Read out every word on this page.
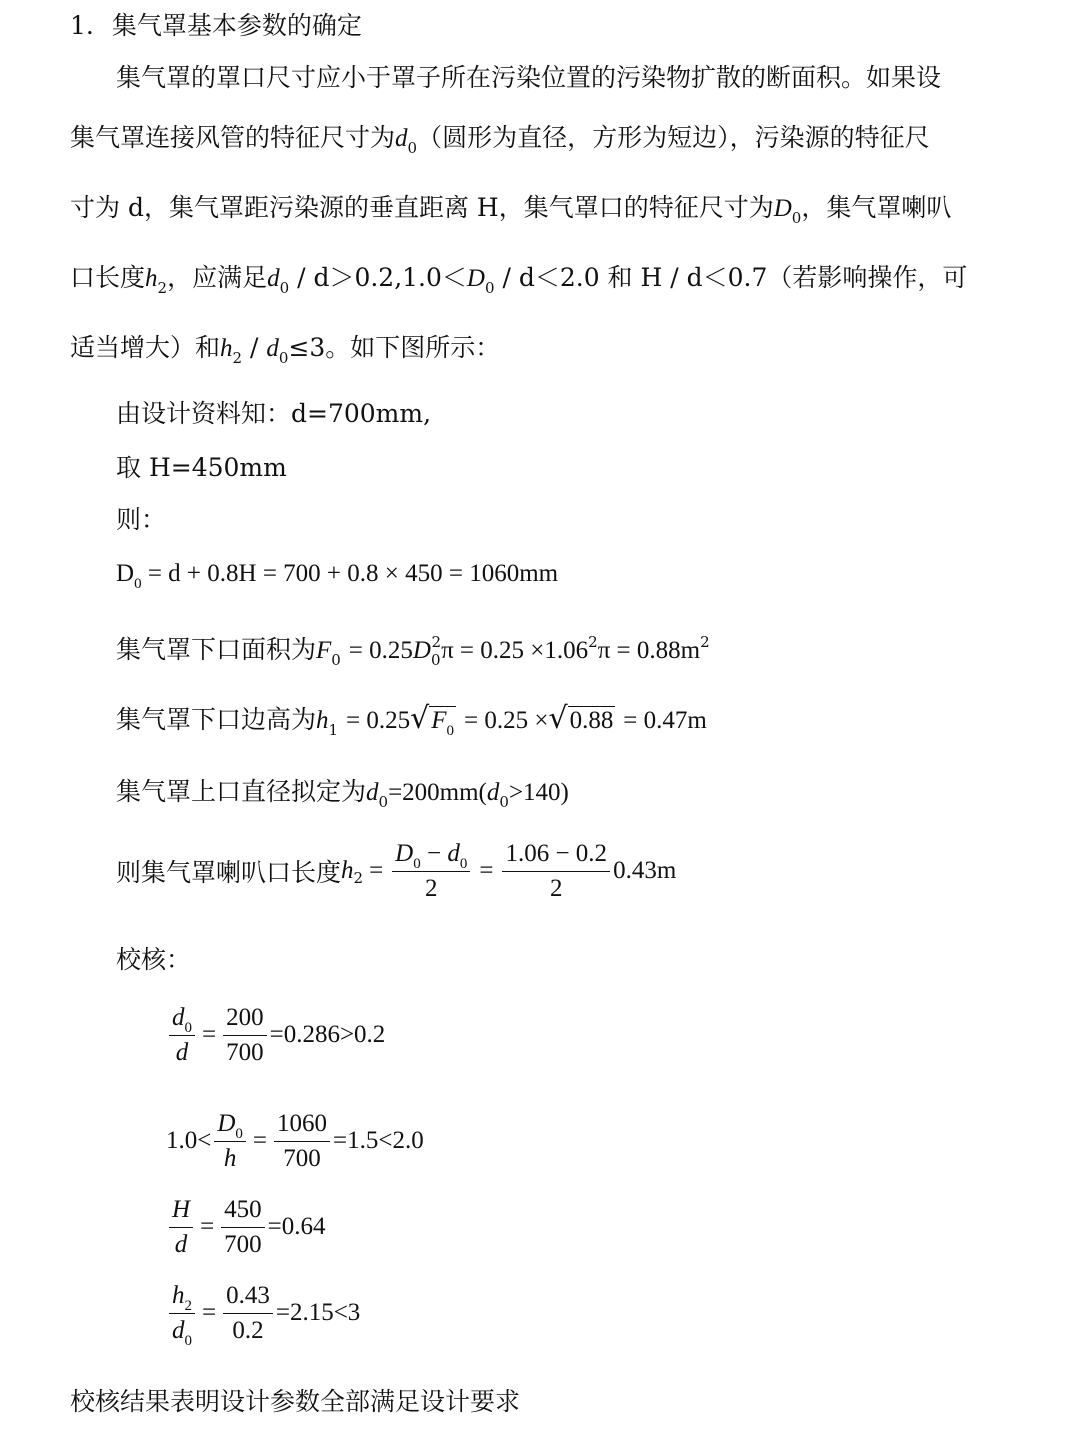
1. 集气罩基本参数的确定
集气罩的罩口尺寸应小于罩子所在污染位置的污染物扩散的断面积。如果设
集气罩连接风管的特征尺寸为$d_0$（圆形为直径，方形为短边），污染源的特征尺
寸为 d，集气罩距污染源的垂直距离 H，集气罩口的特征尺寸为$D_0$，集气罩喇叭
口长度$h_2$，应满足$d_0 / d>0.2,1.0<D_0 / d<2.0$ 和 H / d＜0.7（若影响操作，可
适当增大）和$h_2 / d_0\le 3$。如下图所示：
由设计资料知：d=700mm,
取 H=450mm
则：
$D_0 = d + 0.8H = 700 + 0.8 \times 450 = 1060mm$
集气罩下口面积为$F_0 = 0.25D_0^2\pi = 0.25 \times 1.06^2\pi = 0.88m^2$
集气罩下口边高为$h_1 = 0.25√F_0 = 0.25 \times√0.88 = 0.47m$
集气罩上口直径拟定为$d_0=200mm(d_0>140)$
则集气罩喇叭口长度 h $2 = \frac{D_0 - d_0}{2} = \frac{1.06 - 0.2}{2} 0.43m$
校核：
$\frac{d_0}{d} = \frac{200}{700} =0.286>0.2$
$1.0< \frac{D_0}{h} = \frac{1060}{700} =1.5<2.0$
$\frac{H}{d} = \frac{450}{700} =0.64$
$\frac{h_2}{d_0} = \frac{0.43}{0.2} =2.15<3$
校核结果表明设计参数全部满足设计要求
